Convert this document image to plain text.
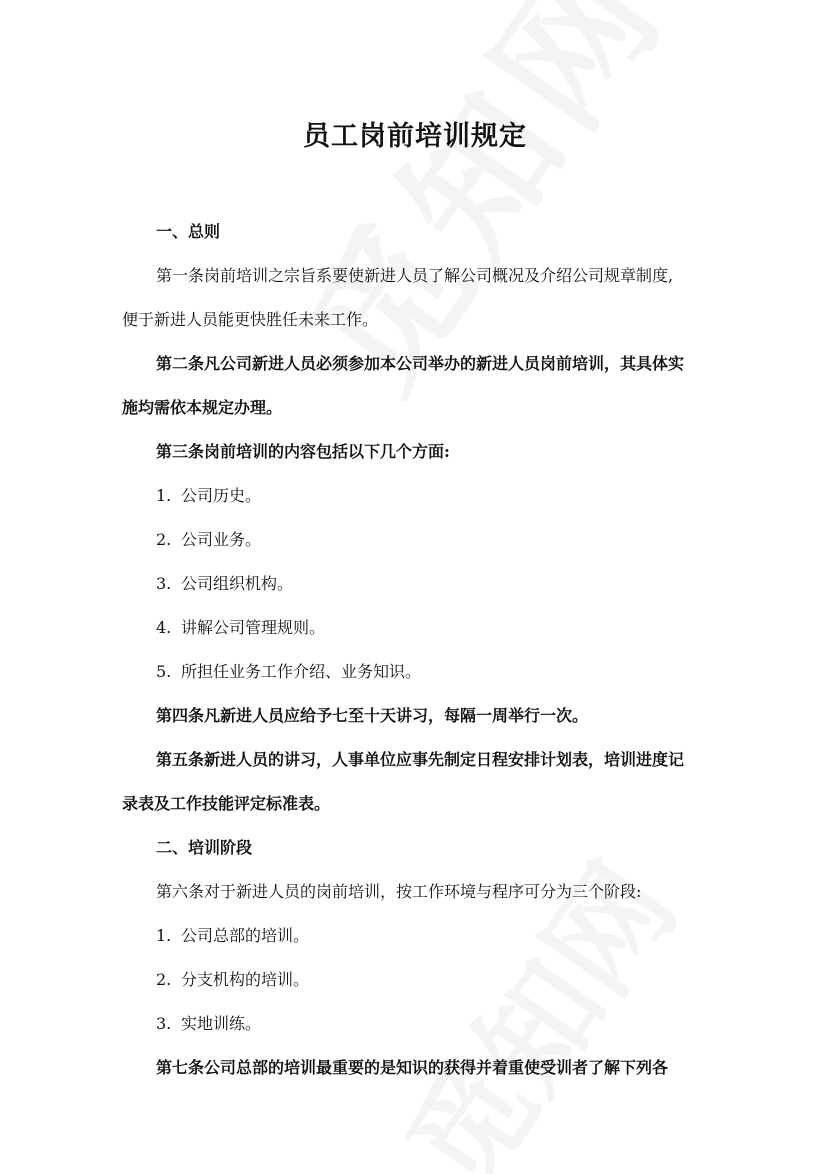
员工岗前培训规定

一、总则

第一条岗前培训之宗旨系要使新进人员了解公司概况及介绍公司规章制度,

便于新进人员能更快胜任未来工作。

第二条凡公司新进人员必须参加本公司举办的新进人员岗前培训，其具体实

施均需依本规定办理。

第三条岗前培训的内容包括以下几个方面:

1. 公司历史。

2. 公司业务。

3. 公司组织机构。

4. 讲解公司管理规则。

5. 所担任业务工作介绍、业务知识。

第四条凡新进人员应给予七至十天讲习，每隔一周举行一次。

第五条新进人员的讲习，人事单位应事先制定日程安排计划表，培训进度记

录表及工作技能评定标准表。

二、培训阶段

第六条对于新进人员的岗前培训，按工作环境与程序可分为三个阶段:

1. 公司总部的培训。

2. 分支机构的培训。

3. 实地训练。

第七条公司总部的培训最重要的是知识的获得并着重使受训者了解下列各
